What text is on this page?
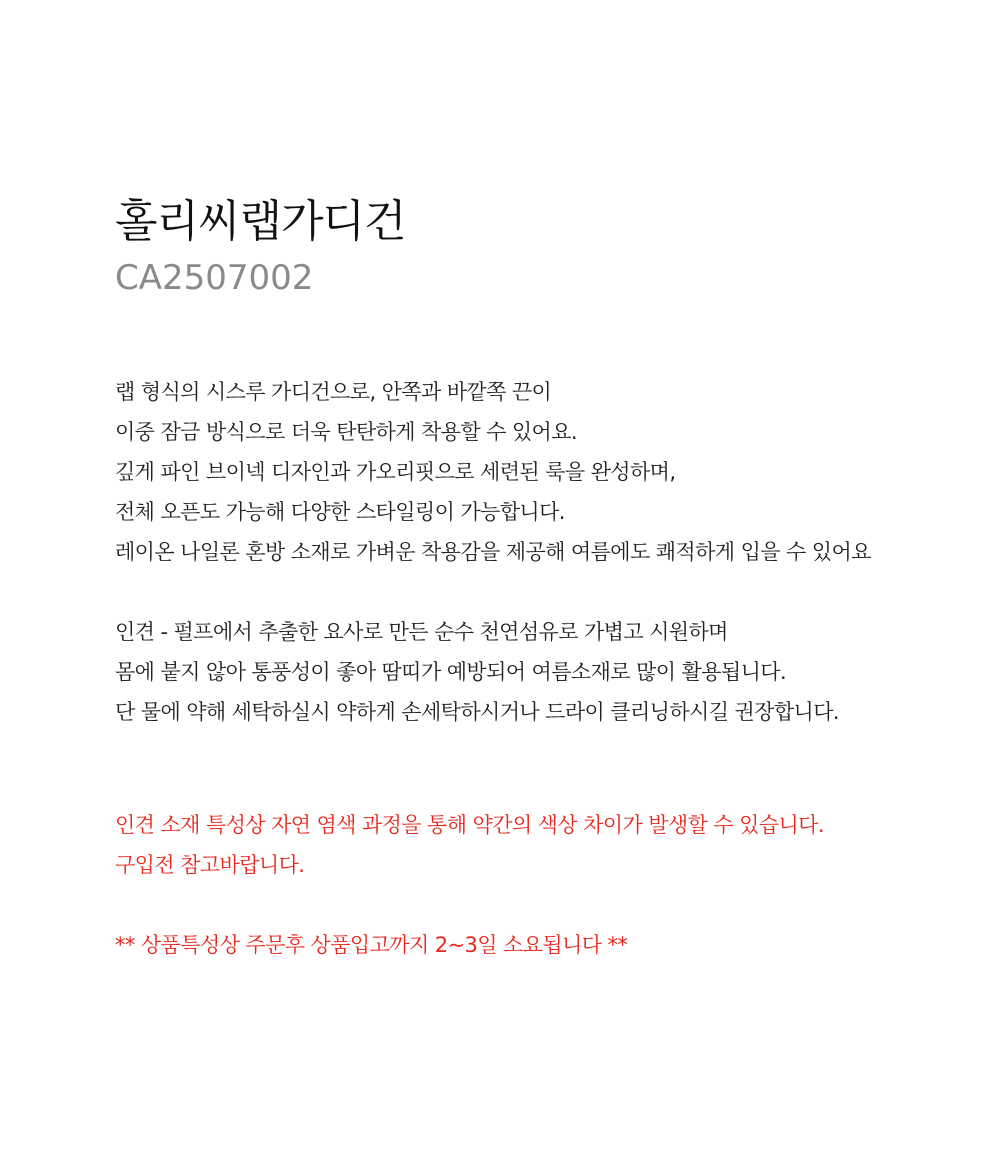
홀리씨랩가디건
CA2507002
랩 형식의 시스루 가디건으로, 안쪽과 바깥쪽 끈이
이중 잠금 방식으로 더욱 탄탄하게 착용할 수 있어요.
깊게 파인 브이넥 디자인과 가오리핏으로 세련된 룩을 완성하며,
전체 오픈도 가능해 다양한 스타일링이 가능합니다.
레이온 나일론 혼방 소재로 가벼운 착용감을 제공해 여름에도 쾌적하게 입을 수 있어요
인견 - 펄프에서 추출한 요사로 만든 순수 천연섬유로 가볍고 시원하며
몸에 붙지 않아 통풍성이 좋아 땀띠가 예방되어 여름소재로 많이 활용됩니다.
단 물에 약해 세탁하실시 약하게 손세탁하시거나 드라이 클리닝하시길 권장합니다.
인견 소재 특성상 자연 염색 과정을 통해 약간의 색상 차이가 발생할 수 있습니다.
구입전 참고바랍니다.
** 상품특성상 주문후 상품입고까지 2~3일 소요됩니다 **
